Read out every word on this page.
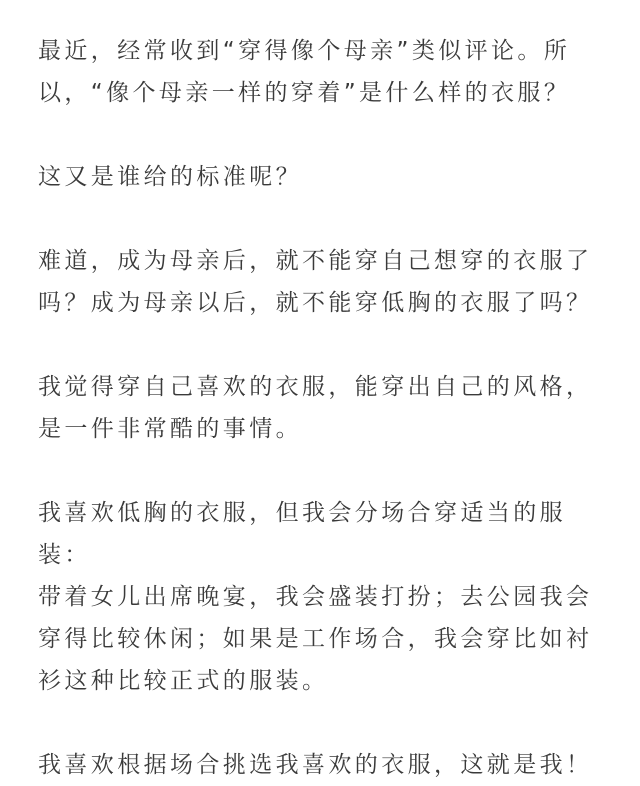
最近，经常收到“穿得像个母亲”类似评论。所
以，“像个母亲一样的穿着”是什么样的衣服？
这又是谁给的标准呢？
难道，成为母亲后，就不能穿自己想穿的衣服了
吗？成为母亲以后，就不能穿低胸的衣服了吗？
我觉得穿自己喜欢的衣服，能穿出自己的风格，
是一件非常酷的事情。
我喜欢低胸的衣服，但我会分场合穿适当的服
装：
带着女儿出席晚宴，我会盛装打扮；去公园我会
穿得比较休闲；如果是工作场合，我会穿比如衬
衫这种比较正式的服装。
我喜欢根据场合挑选我喜欢的衣服，这就是我！
